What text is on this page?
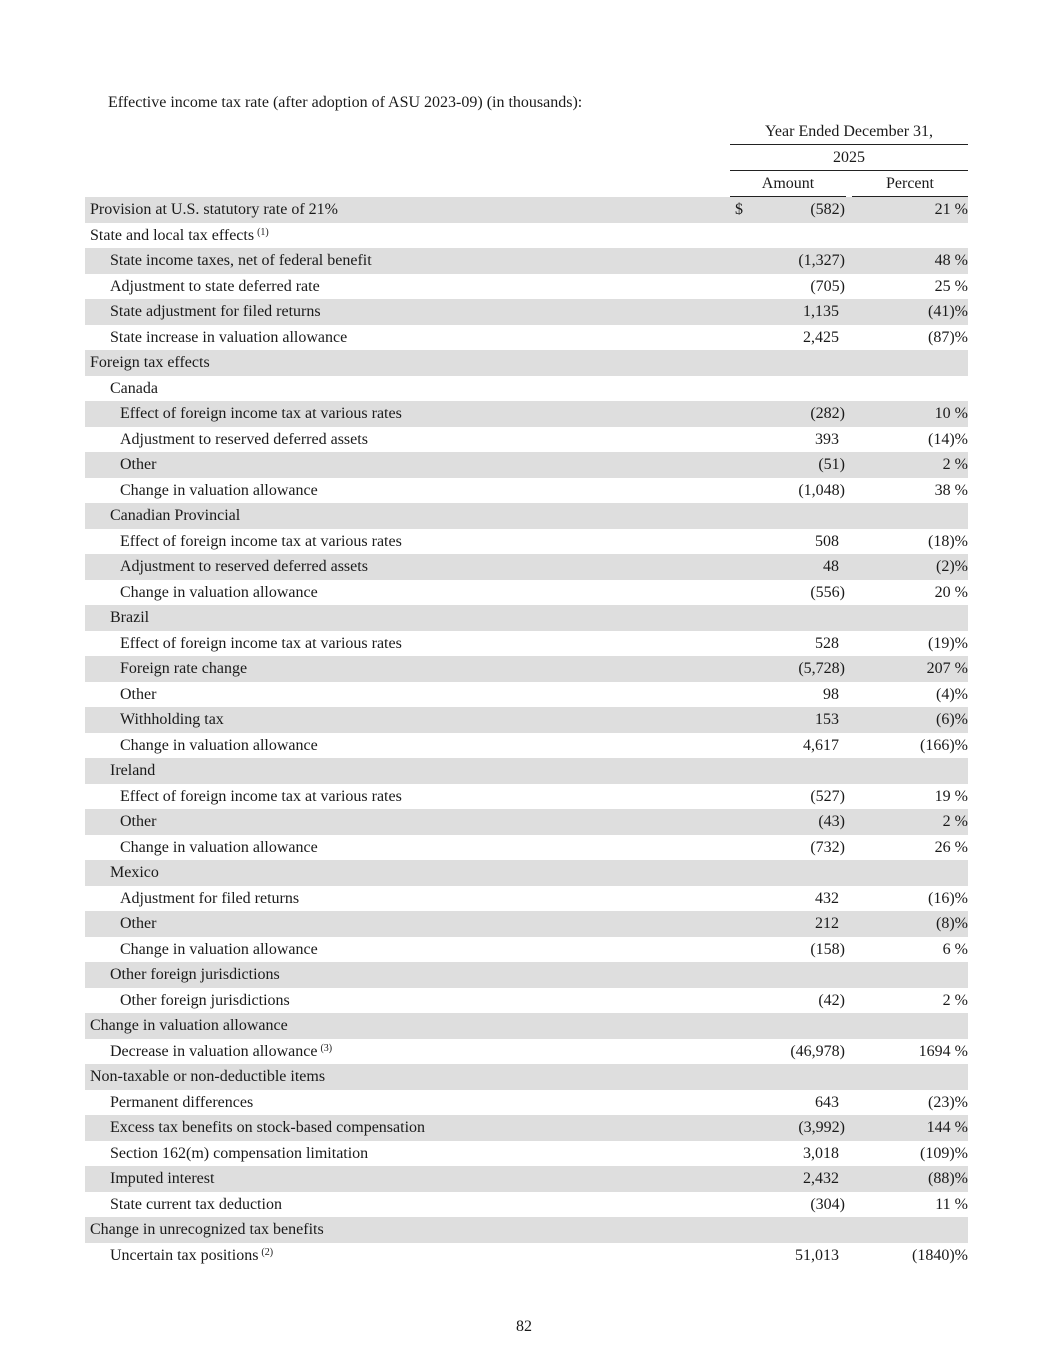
Effective income tax rate (after adoption of ASU 2023-09) (in thousands):
Year Ended December 31,
2025
Amount	Percent
Provision at U.S. statutory rate of 21%	$	(582)	21 %
State and local tax effects $^{(1)}$
State income taxes, net of federal benefit	(1,327)	48 %
Adjustment to state deferred rate	(705)	25 %
State adjustment for filed returns	1,135	(41)%
State increase in valuation allowance	2,425	(87)%
Foreign tax effects
Canada
Effect of foreign income tax at various rates	(282)	10 %
Adjustment to reserved deferred assets	393	(14)%
Other	(51)	2 %
Change in valuation allowance	(1,048)	38 %
Canadian Provincial
Effect of foreign income tax at various rates	508	(18)%
Adjustment to reserved deferred assets	48	(2)%
Change in valuation allowance	(556)	20 %
Brazil
Effect of foreign income tax at various rates	528	(19)%
Foreign rate change	(5,728)	207 %
Other	98	(4)%
Withholding tax	153	(6)%
Change in valuation allowance	4,617	(166)%
Ireland
Effect of foreign income tax at various rates	(527)	19 %
Other	(43)	2 %
Change in valuation allowance	(732)	26 %
Mexico
Adjustment for filed returns	432	(16)%
Other	212	(8)%
Change in valuation allowance	(158)	6 %
Other foreign jurisdictions
Other foreign jurisdictions	(42)	2 %
Change in valuation allowance
Decrease in valuation allowance $^{(3)}$	(46,978)	1694 %
Non-taxable or non-deductible items
Permanent differences	643	(23)%
Excess tax benefits on stock-based compensation	(3,992)	144 %
Section 162(m) compensation limitation	3,018	(109)%
Imputed interest	2,432	(88)%
State current tax deduction	(304)	11 %
Change in unrecognized tax benefits
Uncertain tax positions $^{(2)}$	51,013	(1840)%
82
